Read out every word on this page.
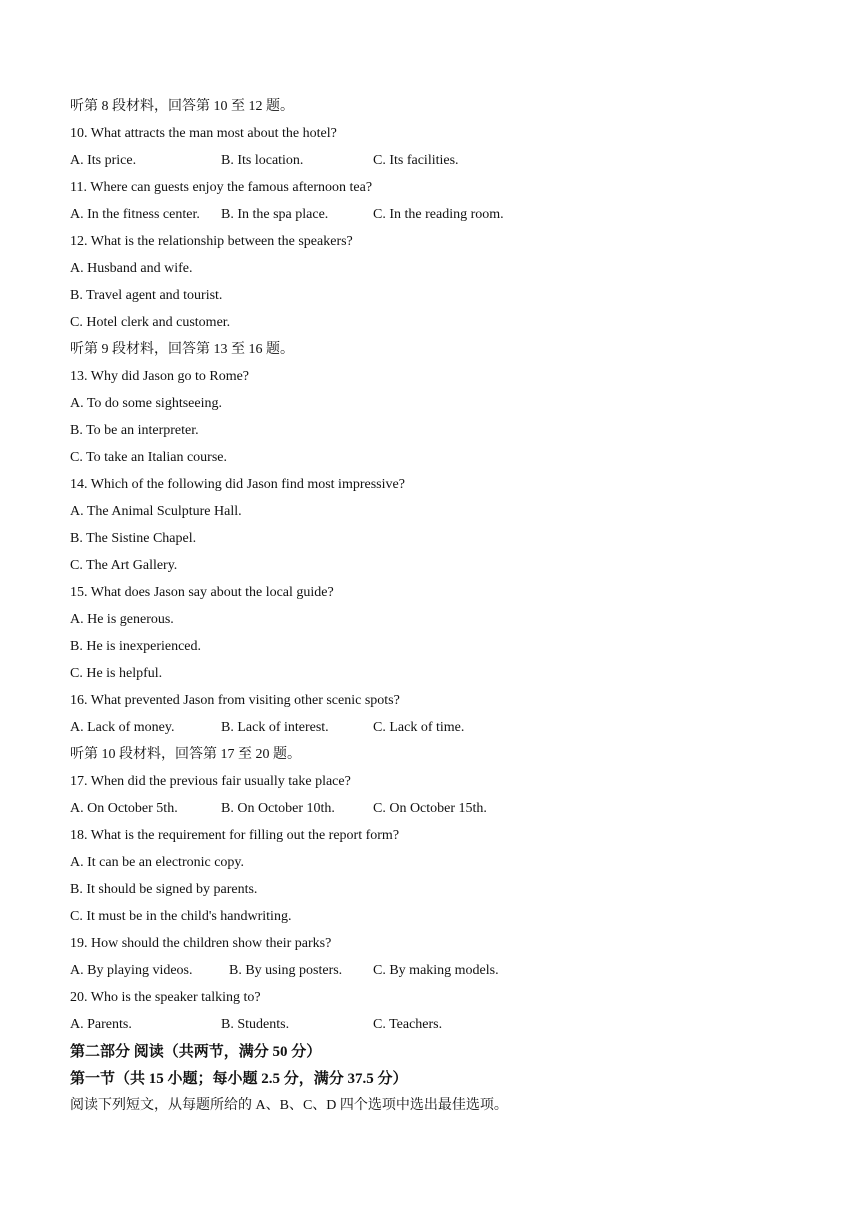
听第 8 段材料，回答第 10 至 12 题。
10. What attracts the man most about the hotel?
A. Its price.	B. Its location.	C. Its facilities.
11. Where can guests enjoy the famous afternoon tea?
A. In the fitness center. B. In the spa place.	C. In the reading room.
12. What is the relationship between the speakers?
A. Husband and wife.
B. Travel agent and tourist.
C. Hotel clerk and customer.
听第 9 段材料，回答第 13 至 16 题。
13. Why did Jason go to Rome?
A. To do some sightseeing.
B. To be an interpreter.
C. To take an Italian course.
14. Which of the following did Jason find most impressive?
A. The Animal Sculpture Hall.
B. The Sistine Chapel.
C. The Art Gallery.
15. What does Jason say about the local guide?
A. He is generous.
B. He is inexperienced.
C. He is helpful.
16. What prevented Jason from visiting other scenic spots?
A. Lack of money.	B. Lack of interest.	C. Lack of time.
听第 10 段材料，回答第 17 至 20 题。
17. When did the previous fair usually take place?
A. On October 5th.	B. On October 10th.	C. On October 15th.
18. What is the requirement for filling out the report form?
A. It can be an electronic copy.
B. It should be signed by parents.
C. It must be in the child's handwriting.
19. How should the children show their parks?
A. By playing videos.	B. By using posters. C. By making models.
20. Who is the speaker talking to?
A. Parents.	B. Students.	C. Teachers.
第二部分 阅读（共两节，满分 50 分）
第一节（共 15 小题；每小题 2.5 分，满分 37.5 分）
阅读下列短文，从每题所给的 A、B、C、D 四个选项中选出最佳选项。
